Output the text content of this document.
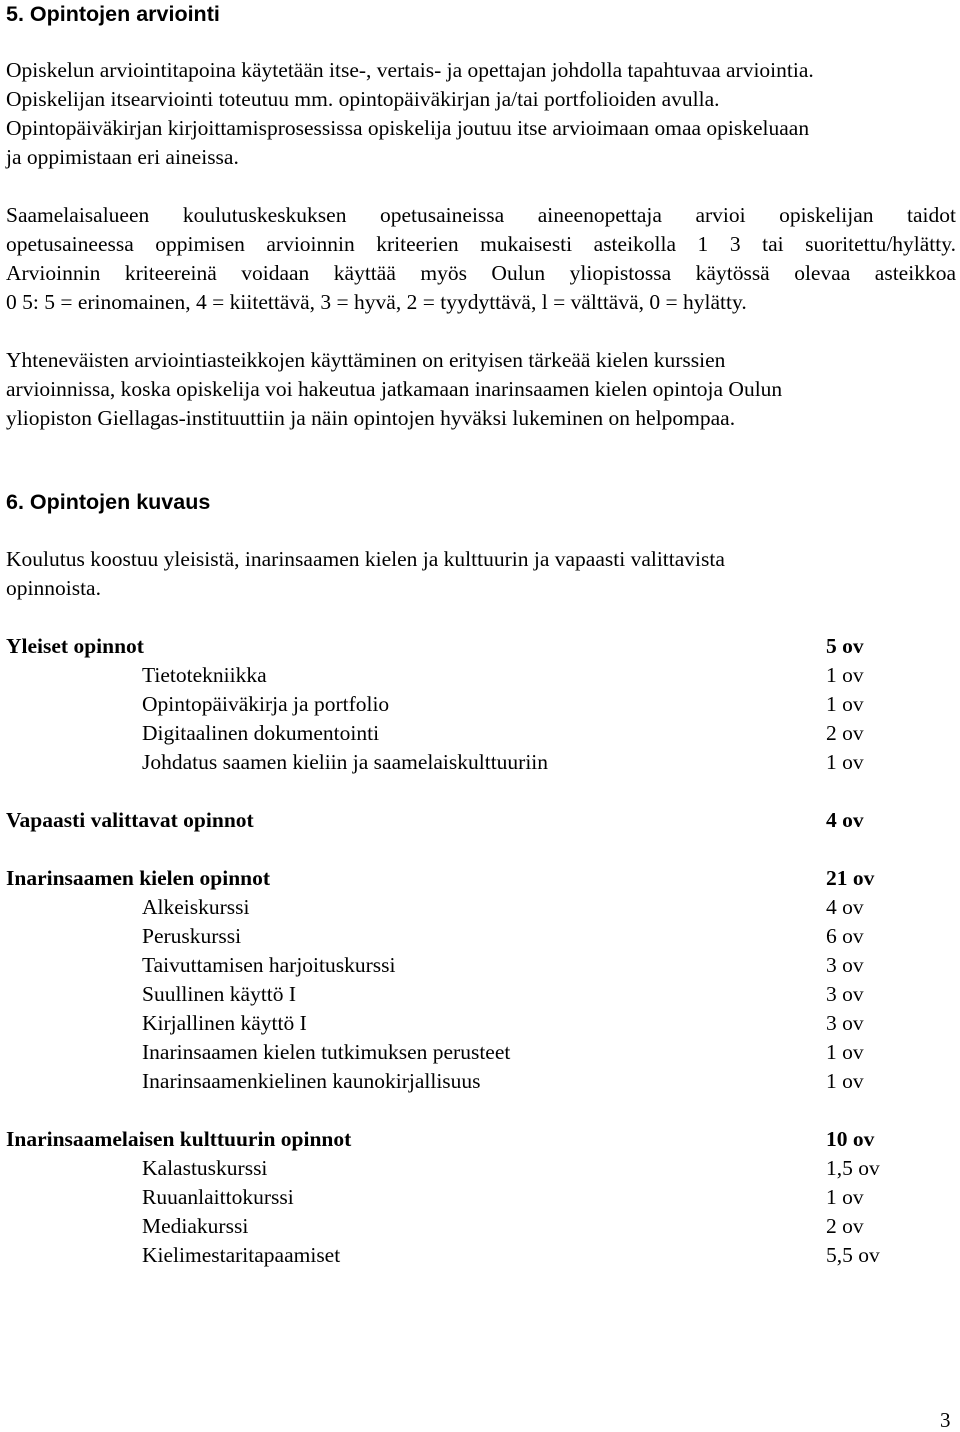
5. Opintojen arviointi
Opiskelun arviointitapoina käytetään itse-, vertais- ja opettajan johdolla tapahtuvaa arviointia.
Opiskelijan itsearviointi toteutuu mm. opintopäiväkirjan ja/tai portfolioiden avulla.
Opintopäiväkirjan kirjoittamisprosessissa opiskelija joutuu itse arvioimaan omaa opiskeluaan
ja oppimistaan eri aineissa.
Saamelaisalueen koulutuskeskuksen opetusaineissa aineenopettaja arvioi opiskelijan taidot
opetusaineessa oppimisen arvioinnin kriteerien mukaisesti asteikolla 1 3 tai suoritettu/hylätty.
Arvioinnin kriteereinä voidaan käyttää myös Oulun yliopistossa käytössä olevaa asteikkoa
0 5: 5 = erinomainen, 4 = kiitettävä, 3 = hyvä, 2 = tyydyttävä, l = välttävä, 0 = hylätty.
Yhteneväisten arviointiasteikkojen käyttäminen on erityisen tärkeää kielen kurssien
arvioinnissa, koska opiskelija voi hakeutua jatkamaan inarinsaamen kielen opintoja Oulun
yliopiston Giellagas-instituuttiin ja näin opintojen hyväksi lukeminen on helpompaa.
6. Opintojen kuvaus
Koulutus koostuu yleisistä, inarinsaamen kielen ja kulttuurin ja vapaasti valittavista
opinnoista.
Yleiset opinnot	5 ov
Tietotekniikka	1 ov
Opintopäiväkirja ja portfolio	1 ov
Digitaalinen dokumentointi	2 ov
Johdatus saamen kieliin ja saamelaiskulttuuriin	1 ov
Vapaasti valittavat opinnot	4 ov
Inarinsaamen kielen opinnot	21 ov
Alkeiskurssi	4 ov
Peruskurssi	6 ov
Taivuttamisen harjoituskurssi	3 ov
Suullinen käyttö I	3 ov
Kirjallinen käyttö I	3 ov
Inarinsaamen kielen tutkimuksen perusteet	1 ov
Inarinsaamenkielinen kaunokirjallisuus	1 ov
Inarinsaamelaisen kulttuurin opinnot	10 ov
Kalastuskurssi	1,5 ov
Ruuanlaittokurssi	1 ov
Mediakurssi	2 ov
Kielimestaritapaamiset	5,5 ov
3
